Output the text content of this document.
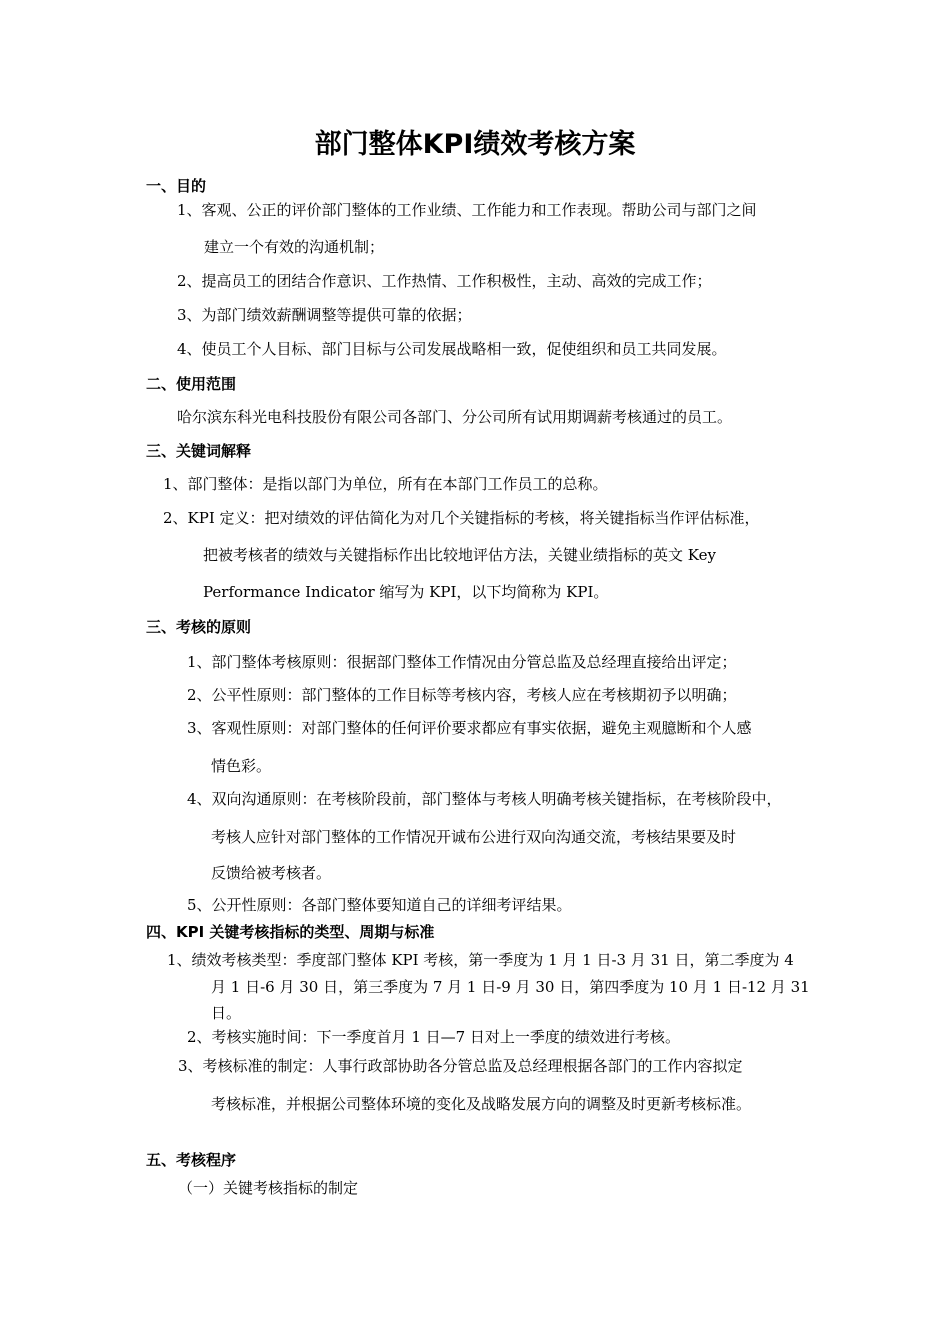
部门整体KPI绩效考核方案
一、目的
1、客观、公正的评价部门整体的工作业绩、工作能力和工作表现。帮助公司与部门之间
建立一个有效的沟通机制；
2、提高员工的团结合作意识、工作热情、工作积极性，主动、高效的完成工作；
3、为部门绩效薪酬调整等提供可靠的依据；
4、使员工个人目标、部门目标与公司发展战略相一致，促使组织和员工共同发展。
二、使用范围
哈尔滨东科光电科技股份有限公司各部门、分公司所有试用期调薪考核通过的员工。
三、关键词解释
1、部门整体：是指以部门为单位，所有在本部门工作员工的总称。
2、KPI 定义：把对绩效的评估简化为对几个关键指标的考核，将关键指标当作评估标准，
把被考核者的绩效与关键指标作出比较地评估方法，关键业绩指标的英文 Key
Performance Indicator 缩写为 KPI，以下均简称为 KPI。
三、考核的原则
1、部门整体考核原则：很据部门整体工作情况由分管总监及总经理直接给出评定；
2、公平性原则：部门整体的工作目标等考核内容，考核人应在考核期初予以明确；
3、客观性原则：对部门整体的任何评价要求都应有事实依据，避免主观臆断和个人感
情色彩。
4、双向沟通原则：在考核阶段前，部门整体与考核人明确考核关键指标，在考核阶段中，
考核人应针对部门整体的工作情况开诚布公进行双向沟通交流，考核结果要及时
反馈给被考核者。
5、公开性原则：各部门整体要知道自己的详细考评结果。
四、KPI 关键考核指标的类型、周期与标准
1、绩效考核类型：季度部门整体 KPI 考核，第一季度为 1 月 1 日-3 月 31 日，第二季度为 4
月 1 日-6 月 30 日，第三季度为 7 月 1 日-9 月 30 日，第四季度为 10 月 1 日-12 月 31
日。
2、考核实施时间：下一季度首月 1 日—7 日对上一季度的绩效进行考核。
3、考核标准的制定：人事行政部协助各分管总监及总经理根据各部门的工作内容拟定
考核标准，并根据公司整体环境的变化及战略发展方向的调整及时更新考核标准。
五、考核程序
（一）关键考核指标的制定
